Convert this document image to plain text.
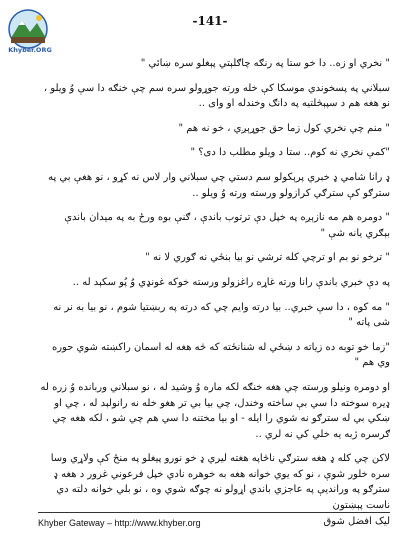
Khyber.ORG
-141-

" نخري او زه.. دا خو ستا په رنګه چاګلېتي پېغلو سره ښائي "

سبلاني په پسخوندي موسکا کې خله ورته جوړولو سره سم چې خنګه دا سې وُ ویلو ، نو هغه هم د سپېڅلتیه په دانګ وخندله او وای ..

" منم چي نخري کول زما حق جوړېږي ، خو نه هم "

"کمې نخري نه کوم.. ستا د ویلو مطلب دا دی؟ "

ډ رانا شامي ډ خبري پرېکولو سم دستي چي سبلاني وار لاس نه کړو ، نو هغې بي په سترګو کې سترګي کرازولو ورسته ورته وُ ویلو ..

" دومره هم مه نازېږه په خپل دې ترتوب باندې ، ګنې بوه ورځ به په میدان باندې بېګري یانه شې "

" ترخو نو بم او ترچي کله ترشي نو بيا بنځي نه ګوري لا نه "

په دې خبري باندې رانا ورته غاړه راغزولو ورسته خوکه غونډي وُ پُو سکېد له ..

" مه کوه ، دا سې خبري.. بيا درته وايم چي که درته په ربښتیا شوم ، نو بیا به نر نه شی پاته "

"زما خو توبه ده زیاته د ښځي له شنانځته که څه هغه له اسمان راکښته شوي حوره وي هم "

او دومره ونيلو ورسته چي هغه خنګه لکه ماره وُ وشيد له ، نو سبلاني وربانده وُ زره له ډيره سوخته دا سي بې ساخته وخندل، چي بيا بي تر هغو خله نه رانولېد له ، چي او ښکي بي له سترګو نه شوي را ايله - او بيا مختنه دا سي هم چي شو ، لکه هغه چي ګرسره ژبه يه خلي کي نه لري ..

لاکن چي کله ډ هغه سترګي ناڅاپه هغته ليري ډ خو نورو پيغلو په منځ کې ولاړي وسا سره خلور شوې ، نو که يوي خوانه هغه به خوهره نادي خپل فرعوني غرور د هغه ډ سترګو په ورانديې په عاجزي باندي اړولو نه چوګه شوي وه ، نو بلي خوانه دلته دي ناست پېښتون

Khyber Gateway – http://www.khyber.org	ليک افضل شوق
